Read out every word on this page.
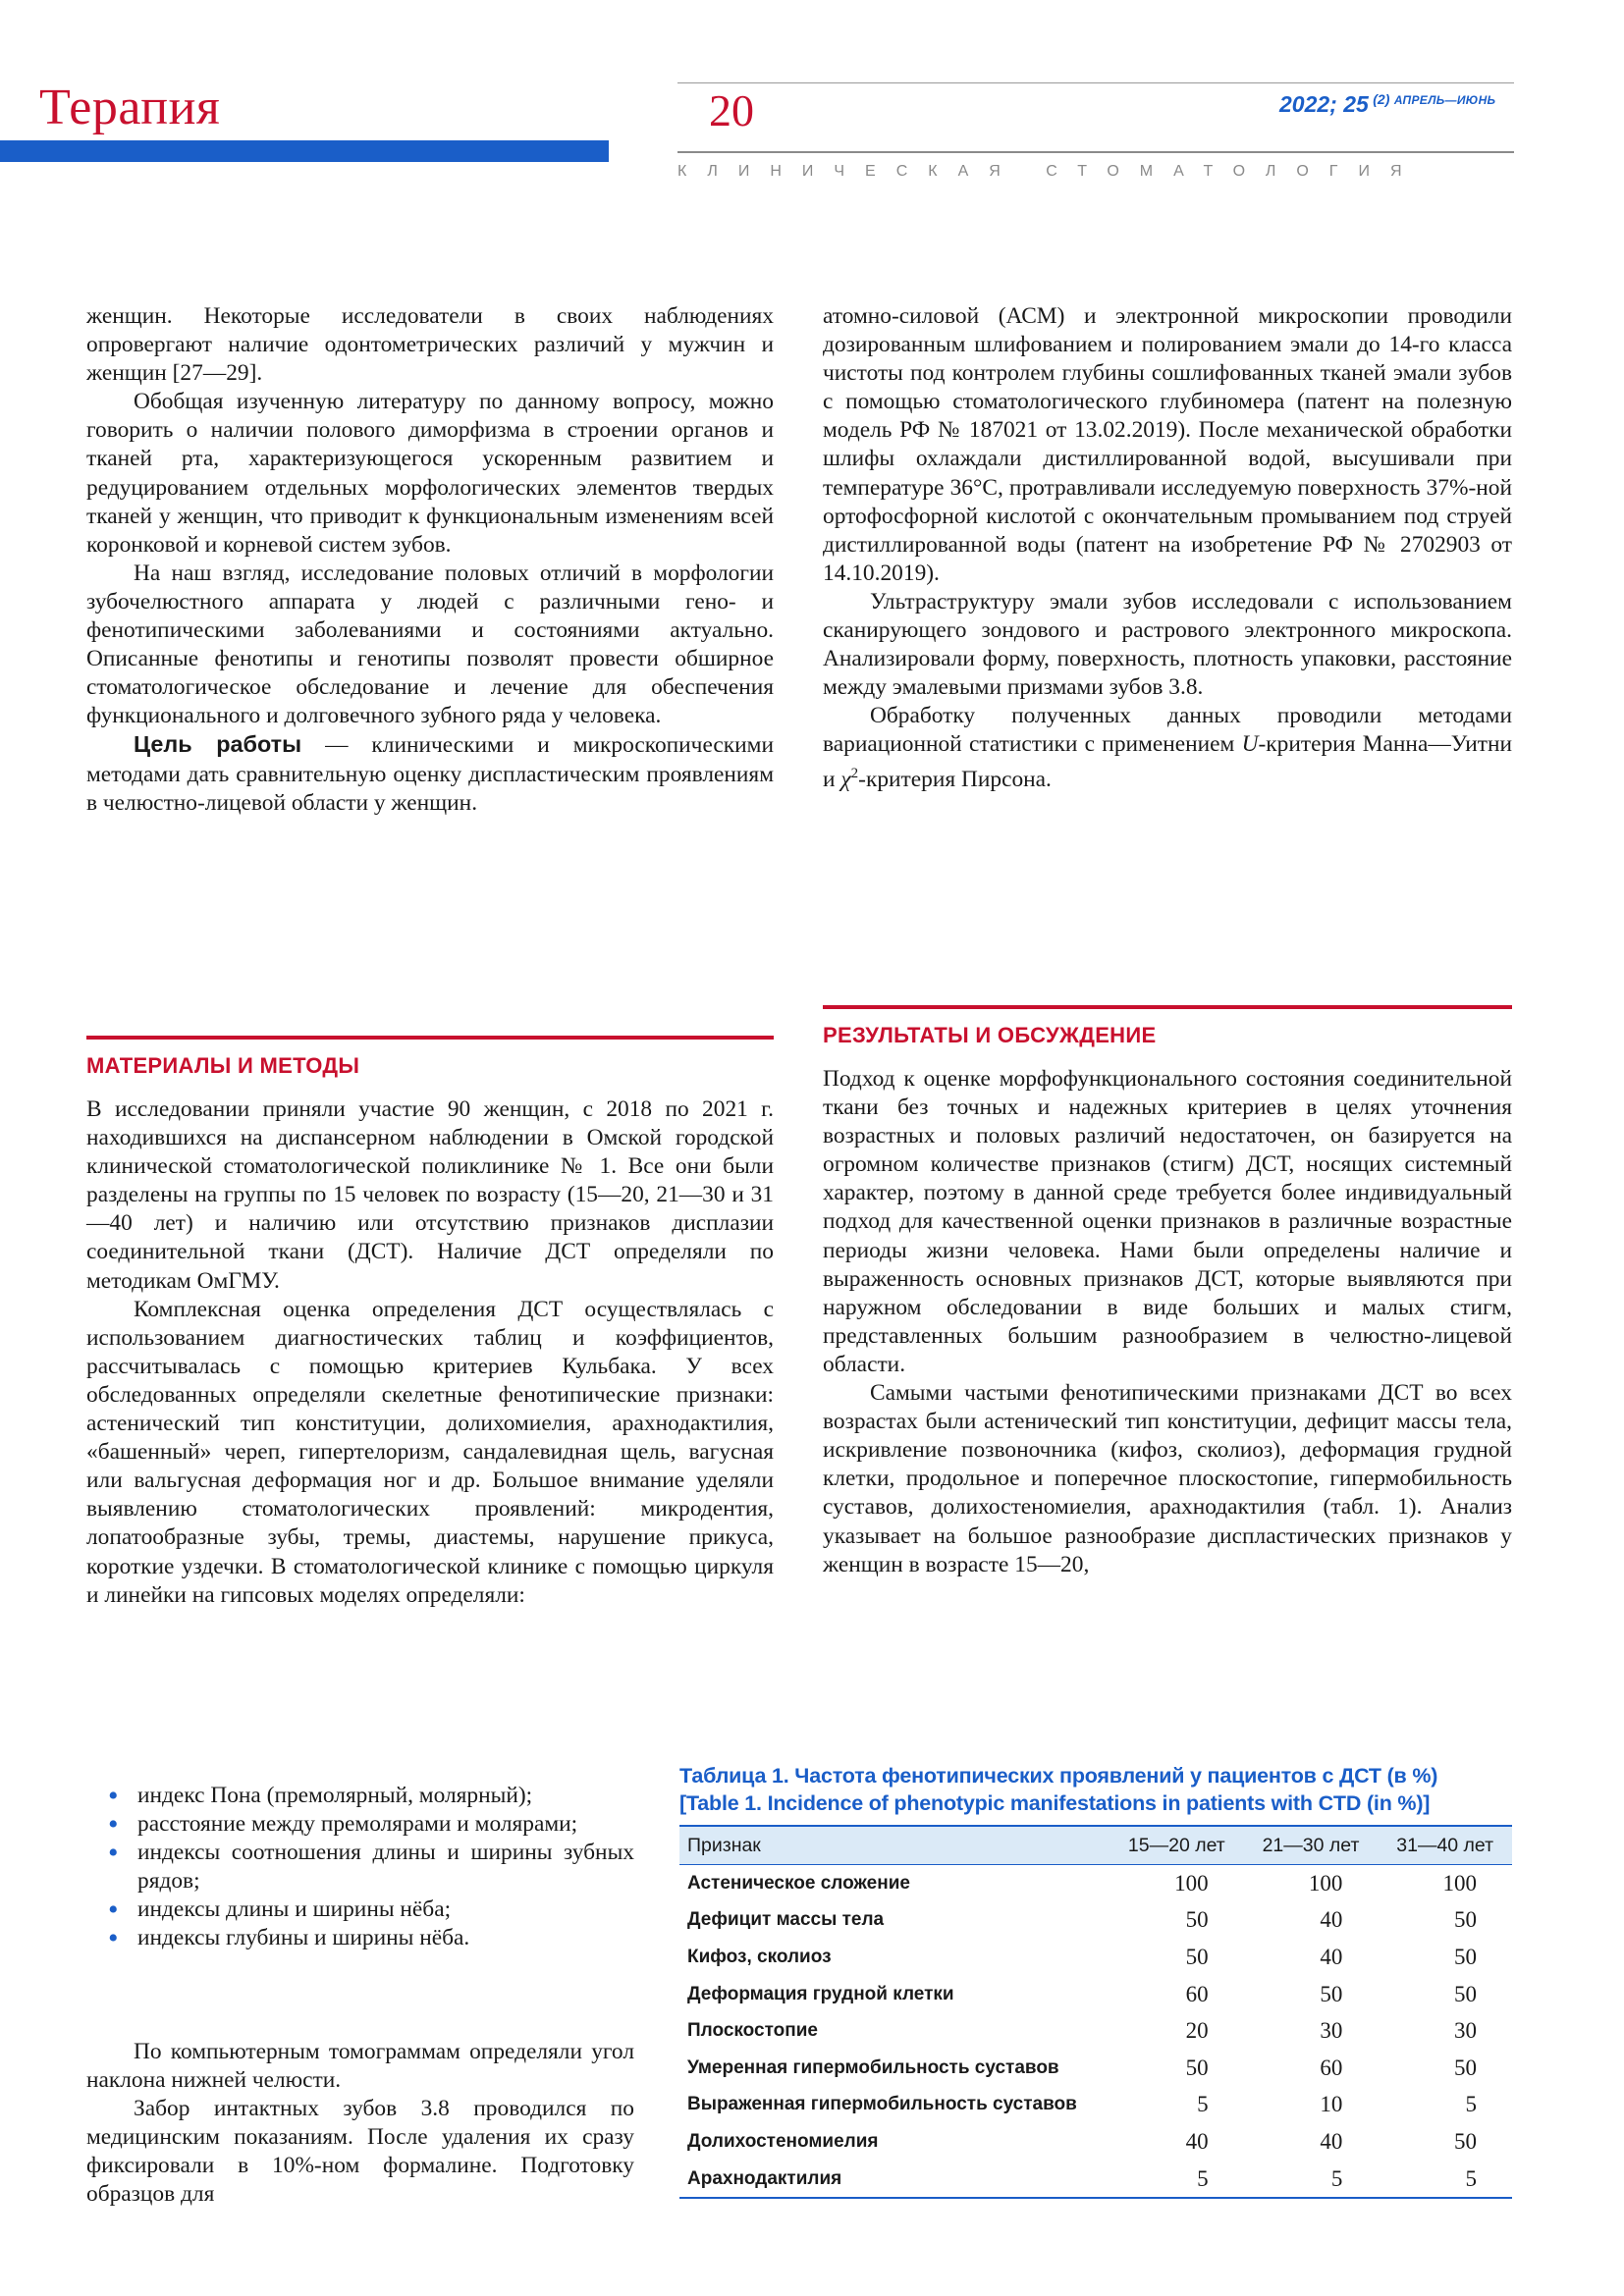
Терапия	20	2022; 25 (2) $^{АПРЕЛЬ—ИЮНЬ}$
КЛИНИЧЕСКАЯ СТОМАТОЛОГИЯ

женщин. Некоторые исследователи в своих наблюдениях опровергают наличие одонтометрических различий у мужчин и женщин [27—29].

Обобщая изученную литературу по данному вопросу, можно говорить о наличии полового диморфизма в строении органов и тканей рта, характеризующегося ускоренным развитием и редуцированием отдельных морфологических элементов твердых тканей у женщин, что приводит к функциональным изменениям всей коронковой и корневой систем зубов.

На наш взгляд, исследование половых отличий в морфологии зубочелюстного аппарата у людей с различными гено- и фенотипическими заболеваниями и состояниями актуально. Описанные фенотипы и генотипы позволят провести обширное стоматологическое обследование и лечение для обеспечения функционального и долговечного зубного ряда у человека.

Цель работы — клиническими и микроскопическими методами дать сравнительную оценку диспластическим проявлениям в челюстно-лицевой области у женщин.

МАТЕРИАЛЫ И МЕТОДЫ

В исследовании приняли участие 90 женщин, с 2018 по 2021 г. находившихся на диспансерном наблюдении в Омской городской клинической стоматологической поликлинике № 1. Все они были разделены на группы по 15 человек по возрасту (15—20, 21—30 и 31—40 лет) и наличию или отсутствию признаков дисплазии соединительной ткани (ДСТ). Наличие ДСТ определяли по методикам ОмГМУ.

Комплексная оценка определения ДСТ осуществлялась с использованием диагностических таблиц и коэффициентов, рассчитывалась с помощью критериев Кульбака. У всех обследованных определяли скелетные фенотипические признаки: астенический тип конституции, долихомиелия, арахнодактилия, «башенный» череп, гипертелоризм, сандалевидная щель, вагусная или вальгусная деформация ног и др. Большое внимание уделяли выявлению стоматологических проявлений: микродентия, лопатообразные зубы, тремы, диастемы, нарушение прикуса, короткие уздечки. В стоматологической клинике с помощью циркуля и линейки на гипсовых моделях определяли:

• индекс Пона (премолярный, молярный);
• расстояние между премолярами и молярами;
• индексы соотношения длины и ширины зубных рядов;
• индексы длины и ширины нёба;
• индексы глубины и ширины нёба.

По компьютерным томограммам определяли угол наклона нижней челюсти.

Забор интактных зубов 3.8 проводился по медицинским показаниям. После удаления их сразу фиксировали в 10%-ном формалине. Подготовку образцов для

атомно-силовой (АСМ) и электронной микроскопии проводили дозированным шлифованием и полированием эмали до 14-го класса чистоты под контролем глубины сошлифованных тканей эмали зубов с помощью стоматологического глубиномера (патент на полезную модель РФ № 187021 от 13.02.2019). После механической обработки шлифы охлаждали дистиллированной водой, высушивали при температуре 36°С, протравливали исследуемую поверхность 37%-ной ортофосфорной кислотой с окончательным промыванием под струей дистиллированной воды (патент на изобретение РФ № 2702903 от 14.10.2019).

Ультраструктуру эмали зубов исследовали с использованием сканирующего зондового и растрового электронного микроскопа. Анализировали форму, поверхность, плотность упаковки, расстояние между эмалевыми призмами зубов 3.8.

Обработку полученных данных проводили методами вариационной статистики с применением U-критерия Манна—Уитни и $\chi^2$-критерия Пирсона.

РЕЗУЛЬТАТЫ И ОБСУЖДЕНИЕ

Подход к оценке морфофункционального состояния соединительной ткани без точных и надежных критериев в целях уточнения возрастных и половых различий недостаточен, он базируется на огромном количестве признаков (стигм) ДСТ, носящих системный характер, поэтому в данной среде требуется более индивидуальный подход для качественной оценки признаков в различные возрастные периоды жизни человека. Нами были определены наличие и выраженность основных признаков ДСТ, которые выявляются при наружном обследовании в виде больших и малых стигм, представленных большим разнообразием в челюстно-лицевой области.

Самыми частыми фенотипическими признаками ДСТ во всех возрастах были астенический тип конституции, дефицит массы тела, искривление позвоночника (кифоз, сколиоз), деформация грудной клетки, продольное и поперечное плоскостопие, гипермобильность суставов, долихостеномиелия, арахнодактилия (табл. 1). Анализ указывает на большое разнообразие диспластических признаков у женщин в возрасте 15—20,

Таблица 1. Частота фенотипических проявлений у пациентов с ДСТ (в %)
[Table 1. Incidence of phenotypic manifestations in patients with CTD (in %)]
Признак	15—20 лет	21—30 лет	31—40 лет
Астеническое сложение	100	100	100
Дефицит массы тела	50	40	50
Кифоз, сколиоз	50	40	50
Деформация грудной клетки	60	50	50
Плоскостопие	20	30	30
Умеренная гипермобильность суставов	50	60	50
Выраженная гипермобильность суставов	5	10	5
Долихостеномиелия	40	40	50
Арахнодактилия	5	5	5
